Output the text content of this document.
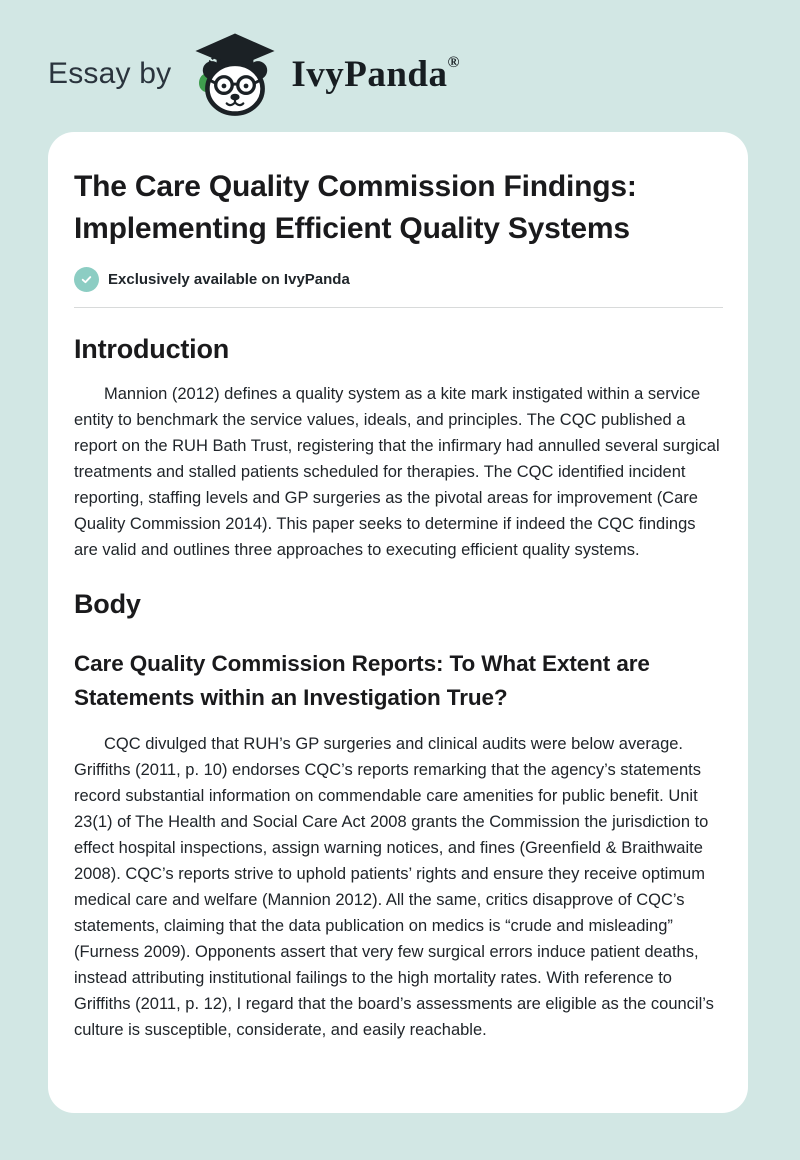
Essay by	IvyPanda ®
The Care Quality Commission Findings: Implementing Efficient Quality Systems
Exclusively available on IvyPanda
Introduction

Mannion (2012) defines a quality system as a kite mark instigated within a service entity to benchmark the service values, ideals, and principles. The CQC published a report on the RUH Bath Trust, registering that the infirmary had annulled several surgical treatments and stalled patients scheduled for therapies. The CQC identified incident reporting, staffing levels and GP surgeries as the pivotal areas for improvement (Care Quality Commission 2014). This paper seeks to determine if indeed the CQC findings are valid and outlines three approaches to executing efficient quality systems.

Body
Care Quality Commission Reports: To What Extent are Statements within an Investigation True?

CQC divulged that RUH’s GP surgeries and clinical audits were below average. Griffiths (2011, p. 10) endorses CQC’s reports remarking that the agency’s statements record substantial information on commendable care amenities for public benefit. Unit 23(1) of The Health and Social Care Act 2008 grants the Commission the jurisdiction to effect hospital inspections, assign warning notices, and fines (Greenfield & Braithwaite 2008). CQC’s reports strive to uphold patients’ rights and ensure they receive optimum medical care and welfare (Mannion 2012). All the same, critics disapprove of CQC’s statements, claiming that the data publication on medics is “crude and misleading” (Furness 2009). Opponents assert that very few surgical errors induce patient deaths, instead attributing institutional failings to the high mortality rates. With reference to Griffiths (2011, p. 12), I regard that the board’s assessments are eligible as the council’s culture is susceptible, considerate, and easily reachable.
